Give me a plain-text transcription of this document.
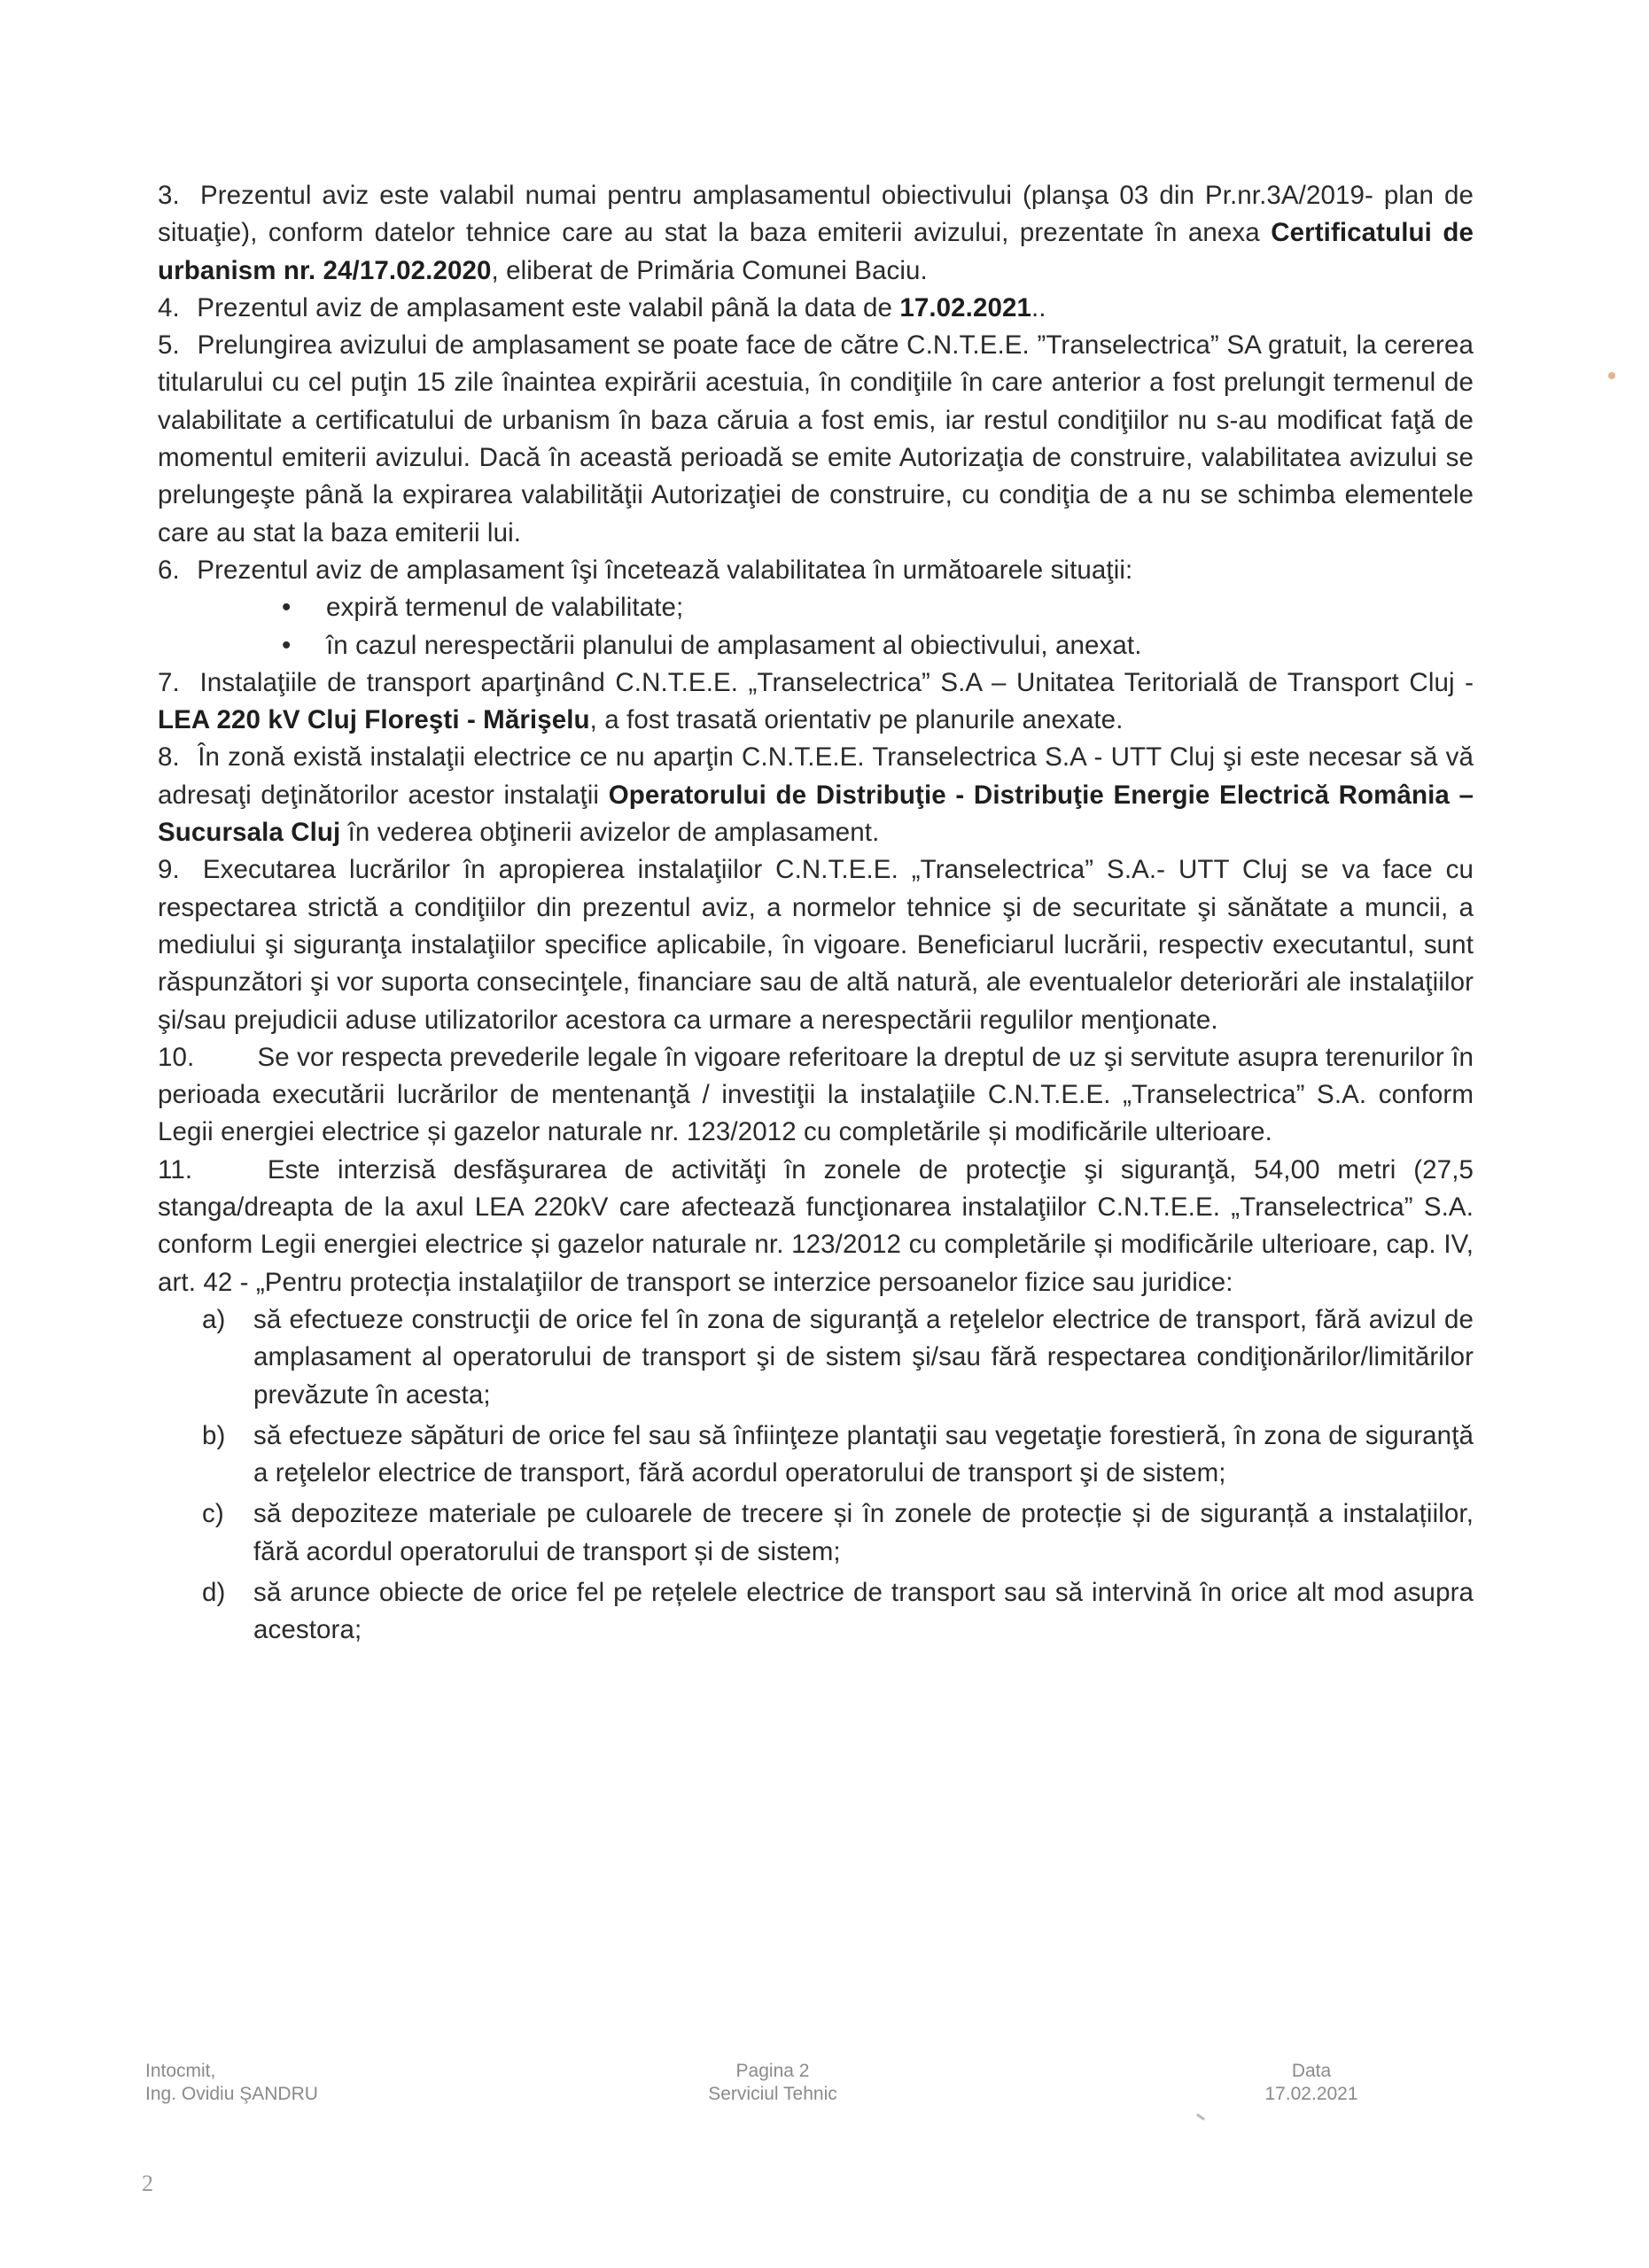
3. Prezentul aviz este valabil numai pentru amplasamentul obiectivului (planşa 03 din Pr.nr.3A/2019- plan de situaţie), conform datelor tehnice care au stat la baza emiterii avizului, prezentate în anexa Certificatului de urbanism nr. 24/17.02.2020, eliberat de Primăria Comunei Baciu.

4. Prezentul aviz de amplasament este valabil până la data de 17.02.2021..

5. Prelungirea avizului de amplasament se poate face de către C.N.T.E.E. ”Transelectrica” SA gratuit, la cererea titularului cu cel puţin 15 zile înaintea expirării acestuia, în condiţiile în care anterior a fost prelungit termenul de valabilitate a certificatului de urbanism în baza căruia a fost emis, iar restul condiţiilor nu s-au modificat faţă de momentul emiterii avizului. Dacă în această perioadă se emite Autorizaţia de construire, valabilitatea avizului se prelungeşte până la expirarea valabilităţii Autorizaţiei de construire, cu condiţia de a nu se schimba elementele care au stat la baza emiterii lui.

6. Prezentul aviz de amplasament îşi încetează valabilitatea în următoarele situaţii:

•	expiră termenul de valabilitate;
•	în cazul nerespectării planului de amplasament al obiectivului, anexat.

7. Instalaţiile de transport aparţinând C.N.T.E.E. „Transelectrica” S.A – Unitatea Teritorială de Transport Cluj - LEA 220 kV Cluj Floreşti - Mărişelu, a fost trasată orientativ pe planurile anexate.

8. În zonă există instalaţii electrice ce nu aparţin C.N.T.E.E. Transelectrica S.A - UTT Cluj şi este necesar să vă adresaţi deţinătorilor acestor instalaţii Operatorului de Distribuţie - Distribuţie Energie Electrică România – Sucursala Cluj în vederea obţinerii avizelor de amplasament.

9. Executarea lucrărilor în apropierea instalaţiilor C.N.T.E.E. „Transelectrica” S.A.- UTT Cluj se va face cu respectarea strictă a condiţiilor din prezentul aviz, a normelor tehnice şi de securitate şi sănătate a muncii, a mediului şi siguranţa instalaţiilor specifice aplicabile, în vigoare. Beneficiarul lucrării, respectiv executantul, sunt răspunzători şi vor suporta consecinţele, financiare sau de altă natură, ale eventualelor deteriorări ale instalaţiilor şi/sau prejudicii aduse utilizatorilor acestora ca urmare a nerespectării regulilor menţionate.

10. Se vor respecta prevederile legale în vigoare referitoare la dreptul de uz şi servitute asupra terenurilor în perioada executării lucrărilor de mentenanţă / investiţii la instalaţiile C.N.T.E.E. „Transelectrica” S.A. conform Legii energiei electrice și gazelor naturale nr. 123/2012 cu completările și modificările ulterioare.

11.	Este interzisă desfăşurarea de activităţi în zonele de protecţie şi siguranţă, 54,00 metri (27,5 stanga/dreapta de la axul LEA 220kV care afectează funcţionarea instalaţiilor C.N.T.E.E. „Transelectrica” S.A. conform Legii energiei electrice și gazelor naturale nr. 123/2012 cu completările și modificările ulterioare, cap. IV, art. 42 - „Pentru protecția instalaţiilor de transport se interzice persoanelor fizice sau juridice:

a)	să efectueze construcţii de orice fel în zona de siguranţă a reţelelor electrice de transport, fără avizul de amplasament al operatorului de transport şi de sistem şi/sau fără respectarea condiţionărilor/limitărilor prevăzute în acesta;
b)	să efectueze săpături de orice fel sau să înfiinţeze plantaţii sau vegetaţie forestieră, în zona de siguranţă a reţelelor electrice de transport, fără acordul operatorului de transport şi de sistem;
c)	să depoziteze materiale pe culoarele de trecere și în zonele de protecție și de siguranță a instalațiilor, fără acordul operatorului de transport și de sistem;
d)	să arunce obiecte de orice fel pe rețelele electrice de transport sau să intervină în orice alt mod asupra acestora;
Intocmit,
Ing. Ovidiu ŞANDRU
Pagina 2
Serviciul Tehnic
Data
17.02.2021
2
